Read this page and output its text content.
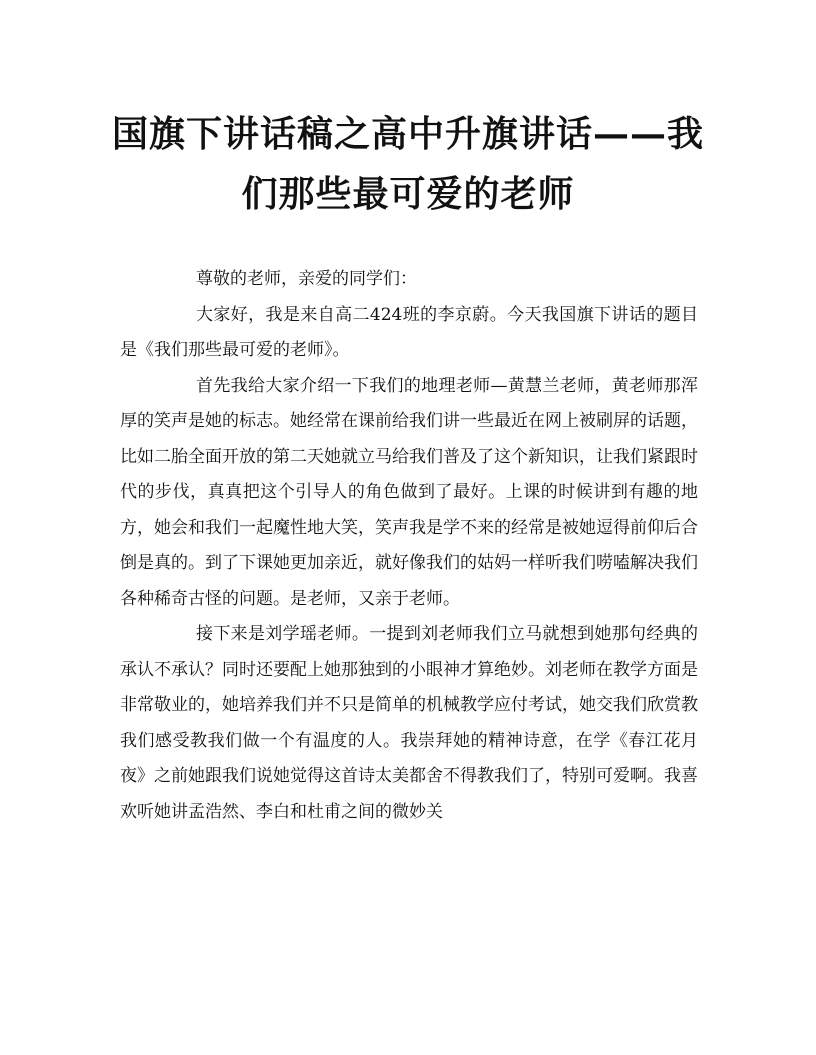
国旗下讲话稿之高中升旗讲话——我
们那些最可爱的老师

尊敬的老师，亲爱的同学们：

大家好，我是来自高二424班的李京蔚。今天我国旗下讲话的题目是《我们那些最可爱的老师》。

首先我给大家介绍一下我们的地理老师—黄慧兰老师，黄老师那浑厚的笑声是她的标志。她经常在课前给我们讲一些最近在网上被刷屏的话题，比如二胎全面开放的第二天她就立马给我们普及了这个新知识，让我们紧跟时代的步伐，真真把这个引导人的角色做到了最好。上课的时候讲到有趣的地方，她会和我们一起魔性地大笑，笑声我是学不来的经常是被她逗得前仰后合倒是真的。到了下课她更加亲近，就好像我们的姑妈一样听我们唠嗑解决我们各种稀奇古怪的问题。是老师，又亲于老师。

接下来是刘学瑶老师。一提到刘老师我们立马就想到她那句经典的承认不承认？同时还要配上她那独到的小眼神才算绝妙。刘老师在教学方面是非常敬业的，她培养我们并不只是简单的机械教学应付考试，她交我们欣赏教我们感受教我们做一个有温度的人。我崇拜她的精神诗意，在学《春江花月夜》之前她跟我们说她觉得这首诗太美都舍不得教我们了，特别可爱啊。我喜欢听她讲孟浩然、李白和杜甫之间的微妙关
